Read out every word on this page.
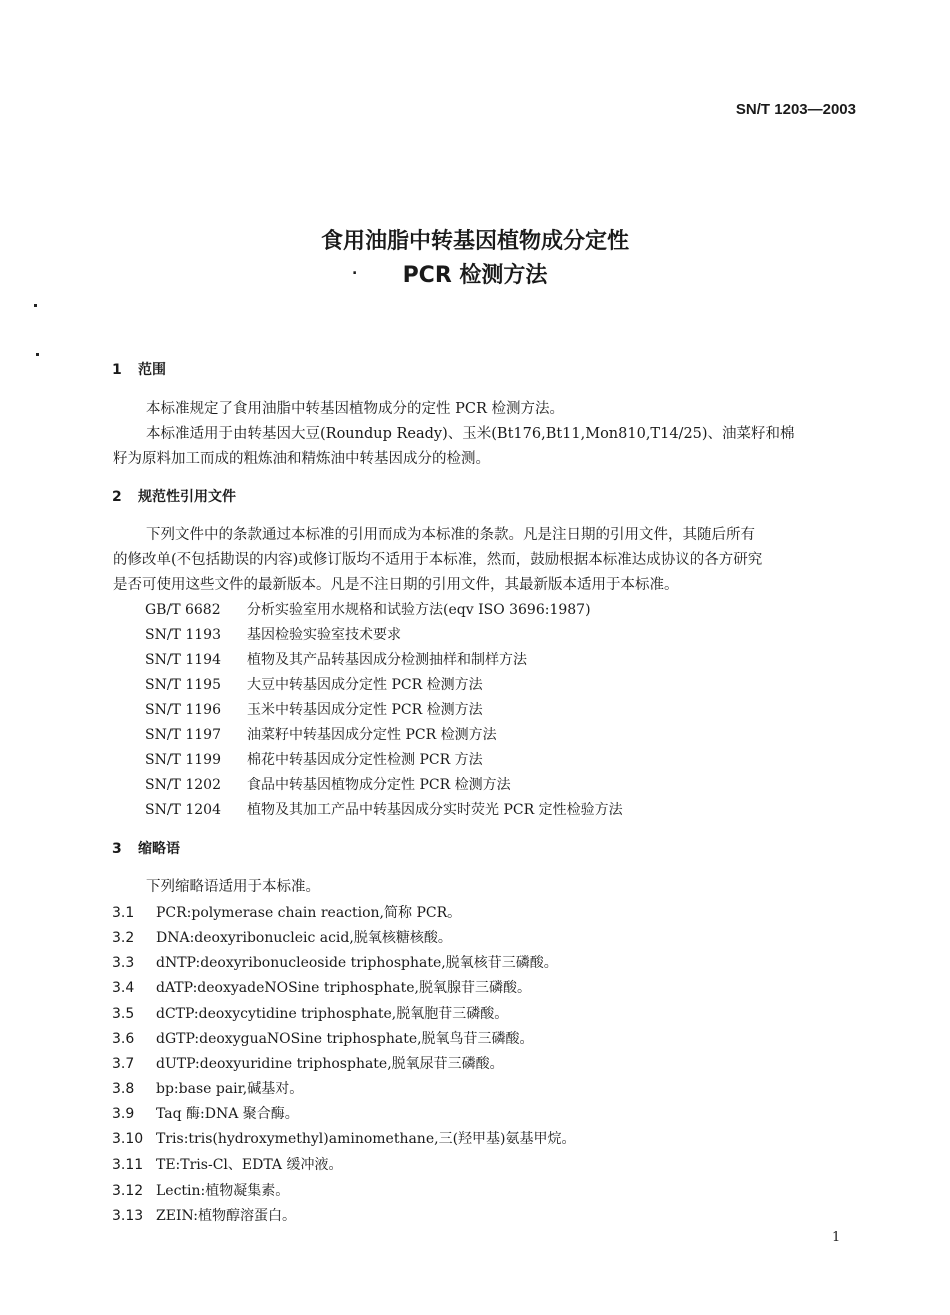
SN/T 1203—2003
食用油脂中转基因植物成分定性
PCR 检测方法
.
1 范围
本标准规定了食用油脂中转基因植物成分的定性 PCR 检测方法。
本标准适用于由转基因大豆(Roundup Ready)、玉米(Bt176,Bt11,Mon810,T14/25)、油菜籽和棉
籽为原料加工而成的粗炼油和精炼油中转基因成分的检测。
2 规范性引用文件
下列文件中的条款通过本标准的引用而成为本标准的条款。凡是注日期的引用文件，其随后所有
的修改单(不包括勘误的内容)或修订版均不适用于本标准，然而，鼓励根据本标准达成协议的各方研究
是否可使用这些文件的最新版本。凡是不注日期的引用文件，其最新版本适用于本标准。
GB/T 6682 分析实验室用水规格和试验方法(eqv ISO 3696:1987)
SN/T 1193 基因检验实验室技术要求
SN/T 1194 植物及其产品转基因成分检测抽样和制样方法
SN/T 1195 大豆中转基因成分定性 PCR 检测方法
SN/T 1196 玉米中转基因成分定性 PCR 检测方法
SN/T 1197 油菜籽中转基因成分定性 PCR 检测方法
SN/T 1199 棉花中转基因成分定性检测 PCR 方法
SN/T 1202 食品中转基因植物成分定性 PCR 检测方法
SN/T 1204 植物及其加工产品中转基因成分实时荧光 PCR 定性检验方法
3 缩略语
下列缩略语适用于本标准。
3.1 PCR:polymerase chain reaction,简称 PCR。
3.2 DNA:deoxyribonucleic acid,脱氧核糖核酸。
3.3 dNTP:deoxyribonucleoside triphosphate,脱氧核苷三磷酸。
3.4 dATP:deoxyadeNOSine triphosphate,脱氧腺苷三磷酸。
3.5 dCTP:deoxycytidine triphosphate,脱氧胞苷三磷酸。
3.6 dGTP:deoxyguaNOSine triphosphate,脱氧鸟苷三磷酸。
3.7 dUTP:deoxyuridine triphosphate,脱氧尿苷三磷酸。
3.8 bp:base pair,碱基对。
3.9 Taq 酶:DNA 聚合酶。
3.10 Tris:tris(hydroxymethyl)aminomethane,三(羟甲基)氨基甲烷。
3.11 TE:Tris-Cl、EDTA 缓冲液。
3.12 Lectin:植物凝集素。
3.13 ZEIN:植物醇溶蛋白。
1
